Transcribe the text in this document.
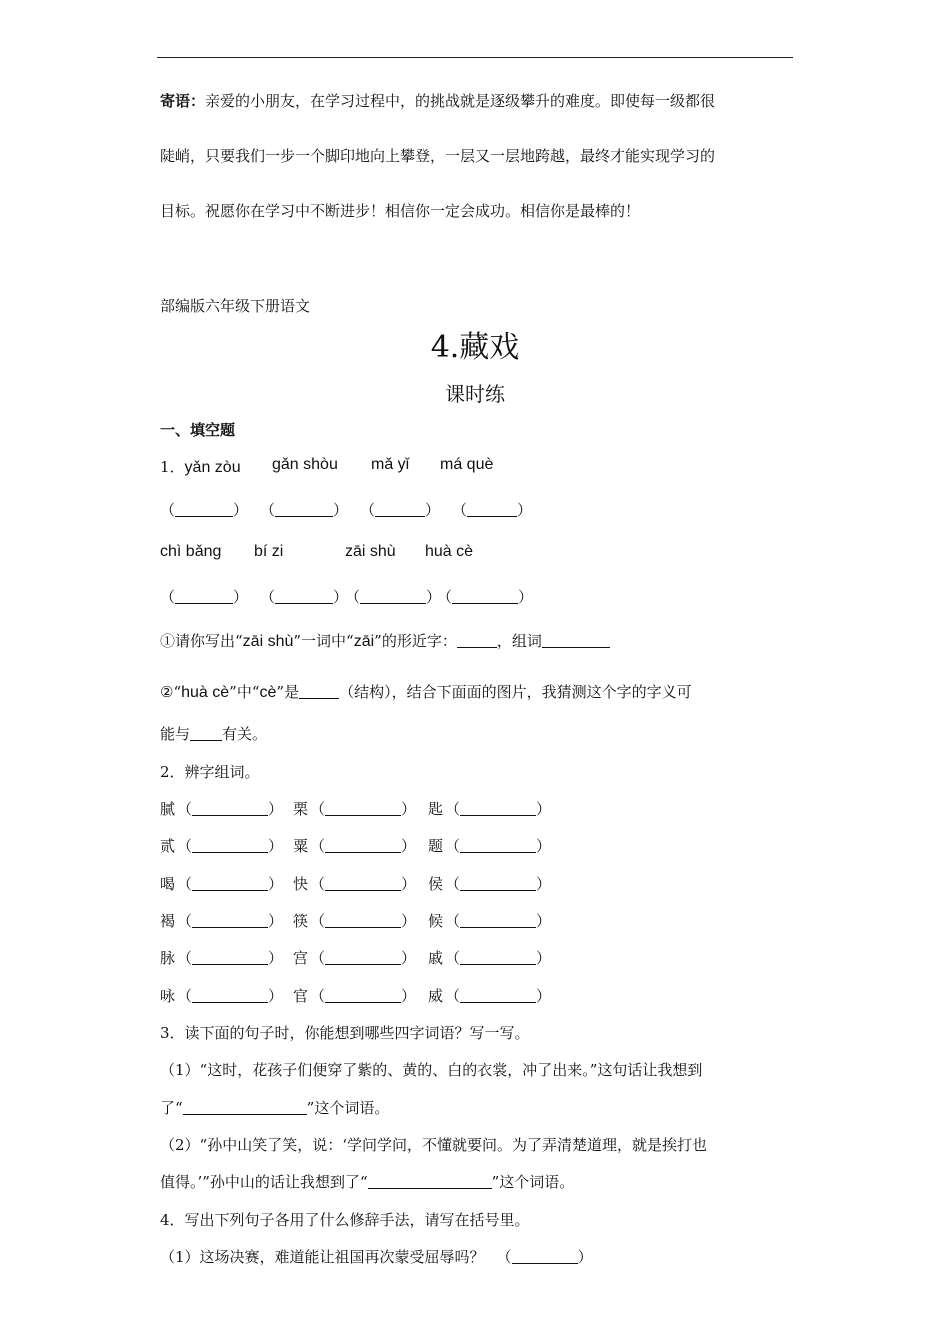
寄语：亲爱的小朋友，在学习过程中，的挑战就是逐级攀升的难度。即使每一级都很
陡峭，只要我们一步一个脚印地向上攀登，一层又一层地跨越，最终才能实现学习的
目标。祝愿你在学习中不断进步！相信你一定会成功。相信你是最棒的！
部编版六年级下册语文
4.藏戏
课时练
一、填空题
1．yǎn zòu gǎn shòu mǎ yǐ má què
（	） （	） （	） （	）
chì bǎng bí zi	zāi shù huà cè
（	） （	）
（	）
（	）
①请你写出“zāi shù”一词中“zāi”的形近字：	，组词
②“huà cè”中“cè”是	（结构），结合下面面的图片，我猜测这个字的字义可
能与 有关。
2．辨字组词。
腻 （	） 栗 （	） 匙 （	）
贰 （	） 粟 （	） 题 （	）
喝 （	） 快 （	） 侯 （	）
褐 （	） 筷 （	） 候 （	）
脉 （	） 宫 （	） 戚 （	）
咏 （	） 官 （	） 威 （	）
3．读下面的句子时，你能想到哪些四字词语？写一写。
（1）“这时，花孩子们便穿了紫的、黄的、白的衣裳，冲了出来。”这句话让我想到
了“	”这个词语。
（2）“孙中山笑了笑，说：‘学问学问，不懂就要问。为了弄清楚道理，就是挨打也
值得。’”孙中山的话让我想到了“	”这个词语。
4．写出下列句子各用了什么修辞手法，请写在括号里。
（1）这场决赛，难道能让祖国再次蒙受屈辱吗？ （	）
